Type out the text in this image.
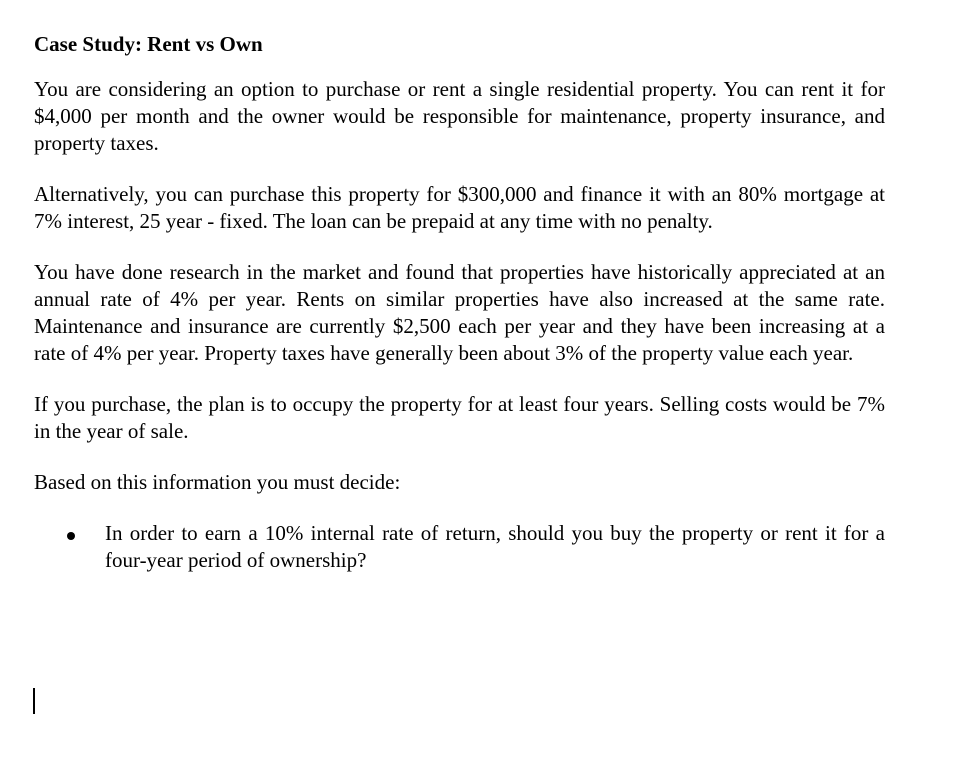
Case Study: Rent vs Own

You are considering an option to purchase or rent a single residential property. You can rent it for $4,000 per month and the owner would be responsible for maintenance, property insurance, and property taxes.

Alternatively, you can purchase this property for $300,000 and finance it with an 80% mortgage at 7% interest, 25 year - fixed. The loan can be prepaid at any time with no penalty.

You have done research in the market and found that properties have historically appreciated at an annual rate of 4% per year. Rents on similar properties have also increased at the same rate. Maintenance and insurance are currently $2,500 each per year and they have been increasing at a rate of 4% per year. Property taxes have generally been about 3% of the property value each year.

If you purchase, the plan is to occupy the property for at least four years. Selling costs would be 7% in the year of sale.

Based on this information you must decide:

In order to earn a 10% internal rate of return, should you buy the property or rent it for a four-year period of ownership?
